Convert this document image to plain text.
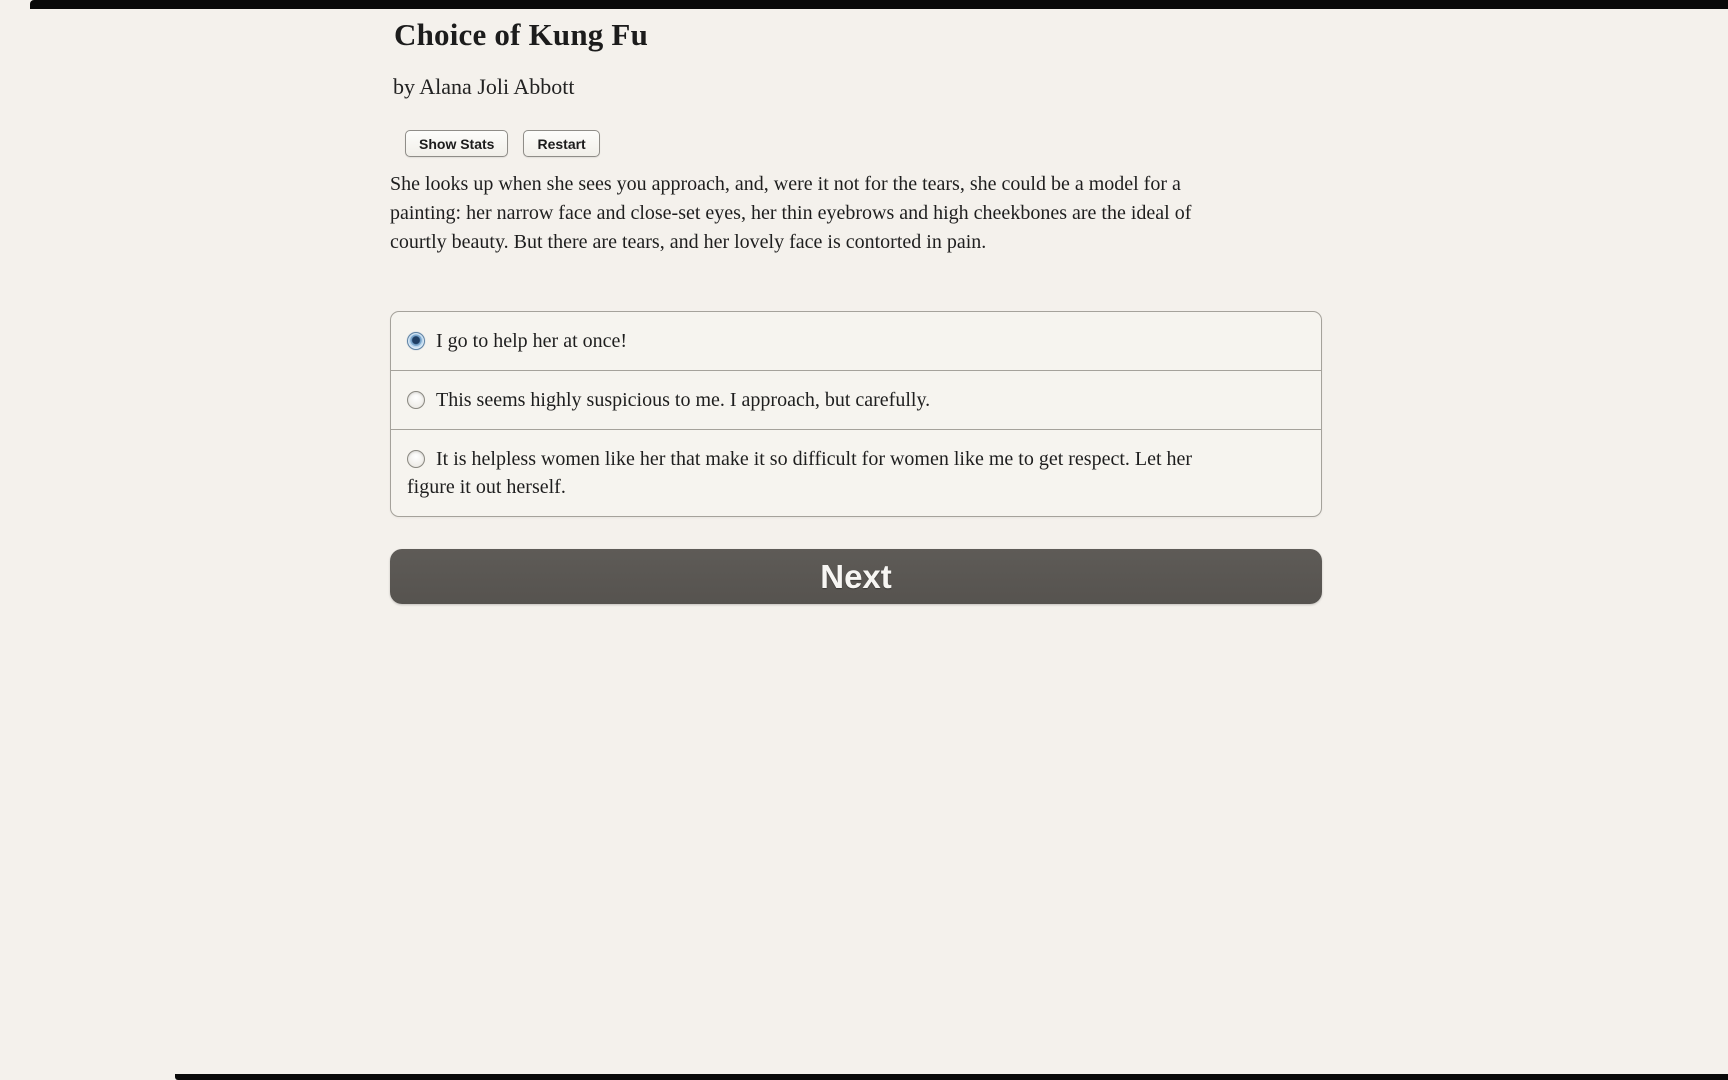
Choice of Kung Fu
by Alana Joli Abbott
Show Stats	Restart

She looks up when she sees you approach, and, were it not for the tears, she could be a model for a painting: her narrow face and close-set eyes, her thin eyebrows and high cheekbones are the ideal of courtly beauty. But there are tears, and her lovely face is contorted in pain.

I go to help her at once!
This seems highly suspicious to me. I approach, but carefully.
It is helpless women like her that make it so difficult for women like me to get respect. Let her figure it out herself.
Next
